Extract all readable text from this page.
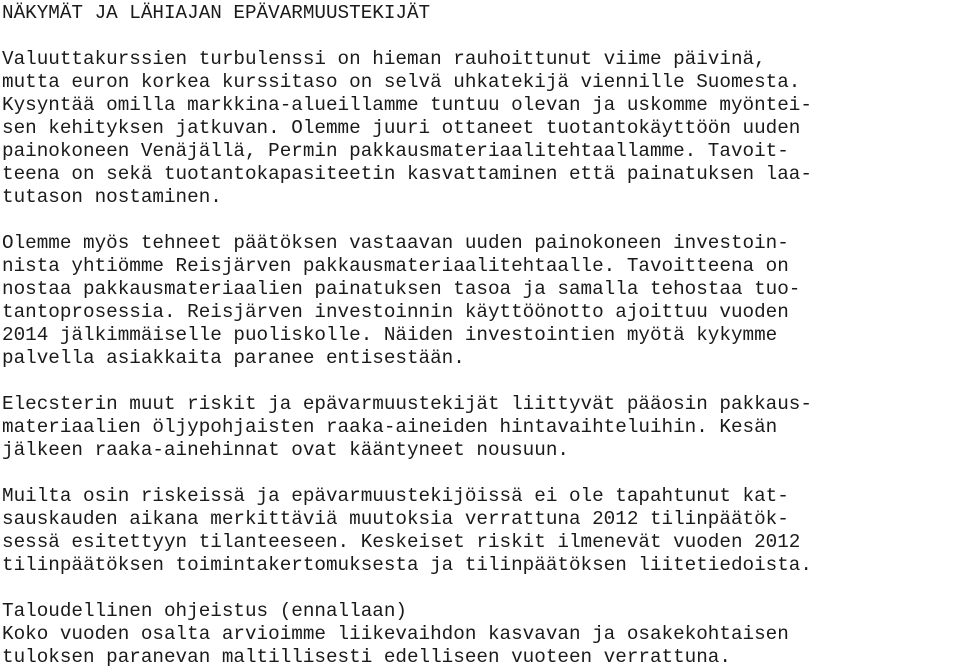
NÄKYMÄT JA LÄHIAJAN EPÄVARMUUSTEKIJÄT
Valuuttakurssien turbulenssi on hieman rauhoittunut viime päivinä,
mutta euron korkea kurssitaso on selvä uhkatekijä viennille Suomesta.
Kysyntää omilla markkina-alueillamme tuntuu olevan ja uskomme myöntei-
sen kehityksen jatkuvan. Olemme juuri ottaneet tuotantokäyttöön uuden
painokoneen Venäjällä, Permin pakkausmateriaalitehtaallamme. Tavoit-
teena on sekä tuotantokapasiteetin kasvattaminen että painatuksen laa-
tutason nostaminen.
Olemme myös tehneet päätöksen vastaavan uuden painokoneen investoin-
nista yhtiömme Reisjärven pakkausmateriaalitehtaalle. Tavoitteena on
nostaa pakkausmateriaalien painatuksen tasoa ja samalla tehostaa tuo-
tantoprosessia. Reisjärven investoinnin käyttöönotto ajoittuu vuoden
2014 jälkimmäiselle puoliskolle. Näiden investointien myötä kykymme
palvella asiakkaita paranee entisestään.
Elecsterin muut riskit ja epävarmuustekijät liittyvät pääosin pakkaus-
materiaalien öljypohjaisten raaka-aineiden hintavaihteluihin. Kesän
jälkeen raaka-ainehinnat ovat kääntyneet nousuun.
Muilta osin riskeissä ja epävarmuustekijöissä ei ole tapahtunut kat-
sauskauden aikana merkittäviä muutoksia verrattuna 2012 tilinpäätök-
sessä esitettyyn tilanteeseen. Keskeiset riskit ilmenevät vuoden 2012
tilinpäätöksen toimintakertomuksesta ja tilinpäätöksen liitetiedoista.
Taloudellinen ohjeistus (ennallaan)
Koko vuoden osalta arvioimme liikevaihdon kasvavan ja osakekohtaisen
tuloksen paranevan maltillisesti edelliseen vuoteen verrattuna.
